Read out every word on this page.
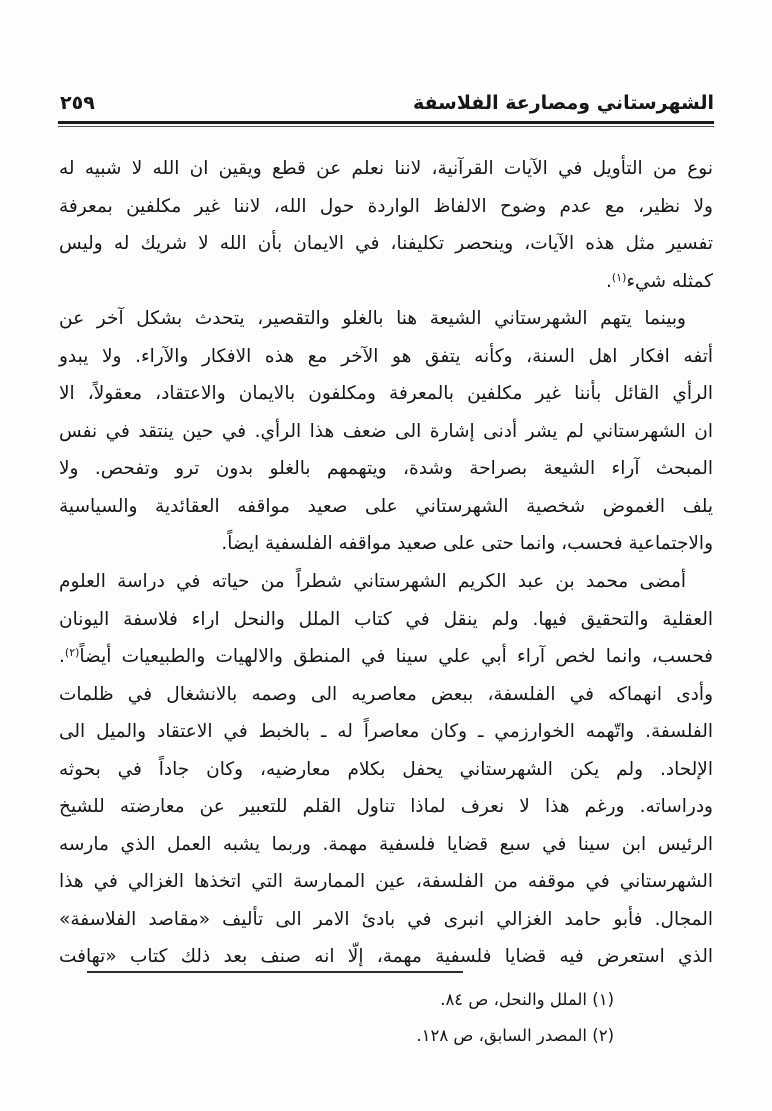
الشهرستاني ومصارعة الفلاسفة
٢٥٩
نوع من التأويل في الآيات القرآنية، لاننا نعلم عن قطع ويقين ان الله لا شبيه له
ولا نظير، مع عدم وضوح الالفاظ الواردة حول الله، لاننا غير مكلفين بمعرفة
تفسير مثل هذه الآيات، وينحصر تكليفنا، في الايمان بأن الله لا شريك له وليس
كمثله شيء$^{(١)}$.
وبينما يتهم الشهرستاني الشيعة هنا بالغلو والتقصير، يتحدث بشكل آخر عن
أتفه افكار اهل السنة، وكأنه يتفق هو الآخر مع هذه الافكار والآراء. ولا يبدو
الرأي القائل بأننا غير مكلفين بالمعرفة ومكلفون بالايمان والاعتقاد، معقولاً، الا
ان الشهرستاني لم يشر أدنى إشارة الى ضعف هذا الرأي. في حين ينتقد في نفس
المبحث آراء الشيعة بصراحة وشدة، ويتهمهم بالغلو بدون ترو وتفحص. ولا
يلف الغموض شخصية الشهرستاني على صعيد مواقفه العقائدية والسياسية
والاجتماعية فحسب، وانما حتى على صعيد مواقفه الفلسفية ايضاً.
أمضى محمد بن عبد الكريم الشهرستاني شطراً من حياته في دراسة العلوم
العقلية والتحقيق فيها. ولم ينقل في كتاب الملل والنحل اراء فلاسفة اليونان
فحسب، وانما لخص آراء أبي علي سينا في المنطق والالهيات والطبيعيات أيضاً$^{(٢)}$.
وأدى انهماكه في الفلسفة، ببعض معاصريه الى وصمه بالانشغال في ظلمات
الفلسفة. واتّهمه الخوارزمي ـ وكان معاصراً له ـ بالخبط في الاعتقاد والميل الى
الإلحاد. ولم يكن الشهرستاني يحفل بكلام معارضيه، وكان جاداً في بحوثه
ودراساته. ورغم هذا لا نعرف لماذا تناول القلم للتعبير عن معارضته للشيخ
الرئيس ابن سينا في سبع قضايا فلسفية مهمة. وربما يشبه العمل الذي مارسه
الشهرستاني في موقفه من الفلسفة، عين الممارسة التي اتخذها الغزالي في هذا
المجال. فأبو حامد الغزالي انبرى في بادئ الامر الى تأليف «مقاصد الفلاسفة»
الذي استعرض فيه قضايا فلسفية مهمة، إلّا انه صنف بعد ذلك كتاب «تهافت
(١) الملل والنحل، ص ٨٤.
(٢) المصدر السابق، ص ١٢٨.
